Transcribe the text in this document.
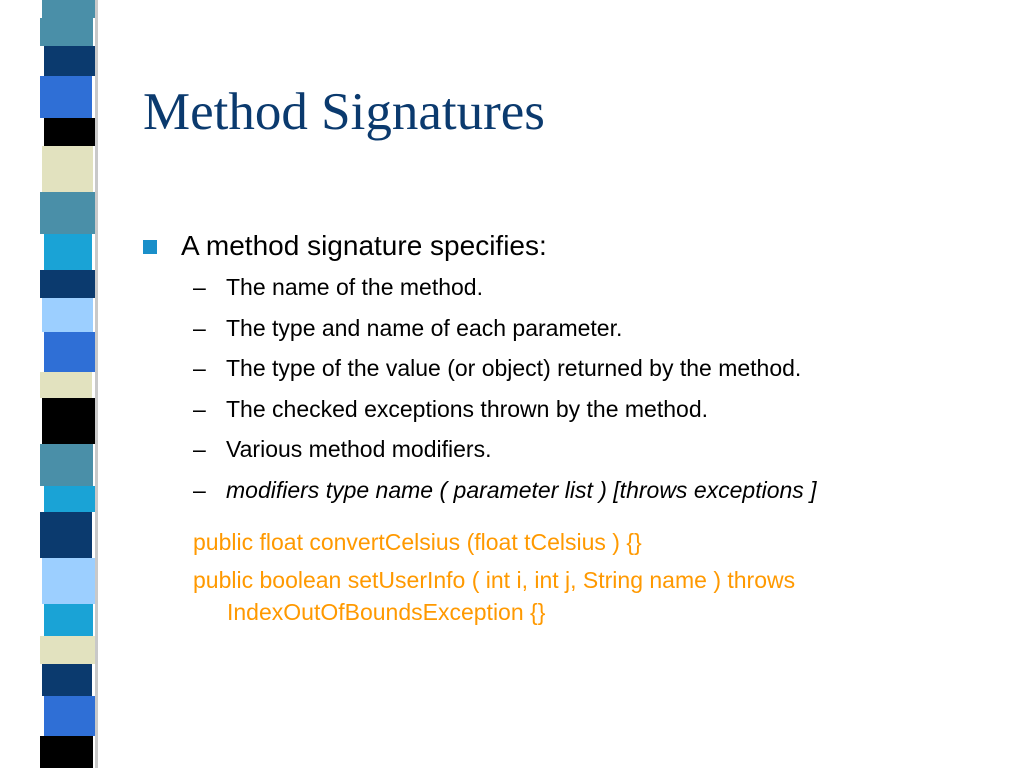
Method Signatures
A method signature specifies:
– The name of the method.
– The type and name of each parameter.
– The type of the value (or object) returned by the method.
– The checked exceptions thrown by the method.
– Various method modifiers.
– modifiers type name ( parameter list ) [throws exceptions ]
public float convertCelsius (float tCelsius ) {}
public boolean setUserInfo ( int i, int j, String name ) throws
IndexOutOfBoundsException {}
